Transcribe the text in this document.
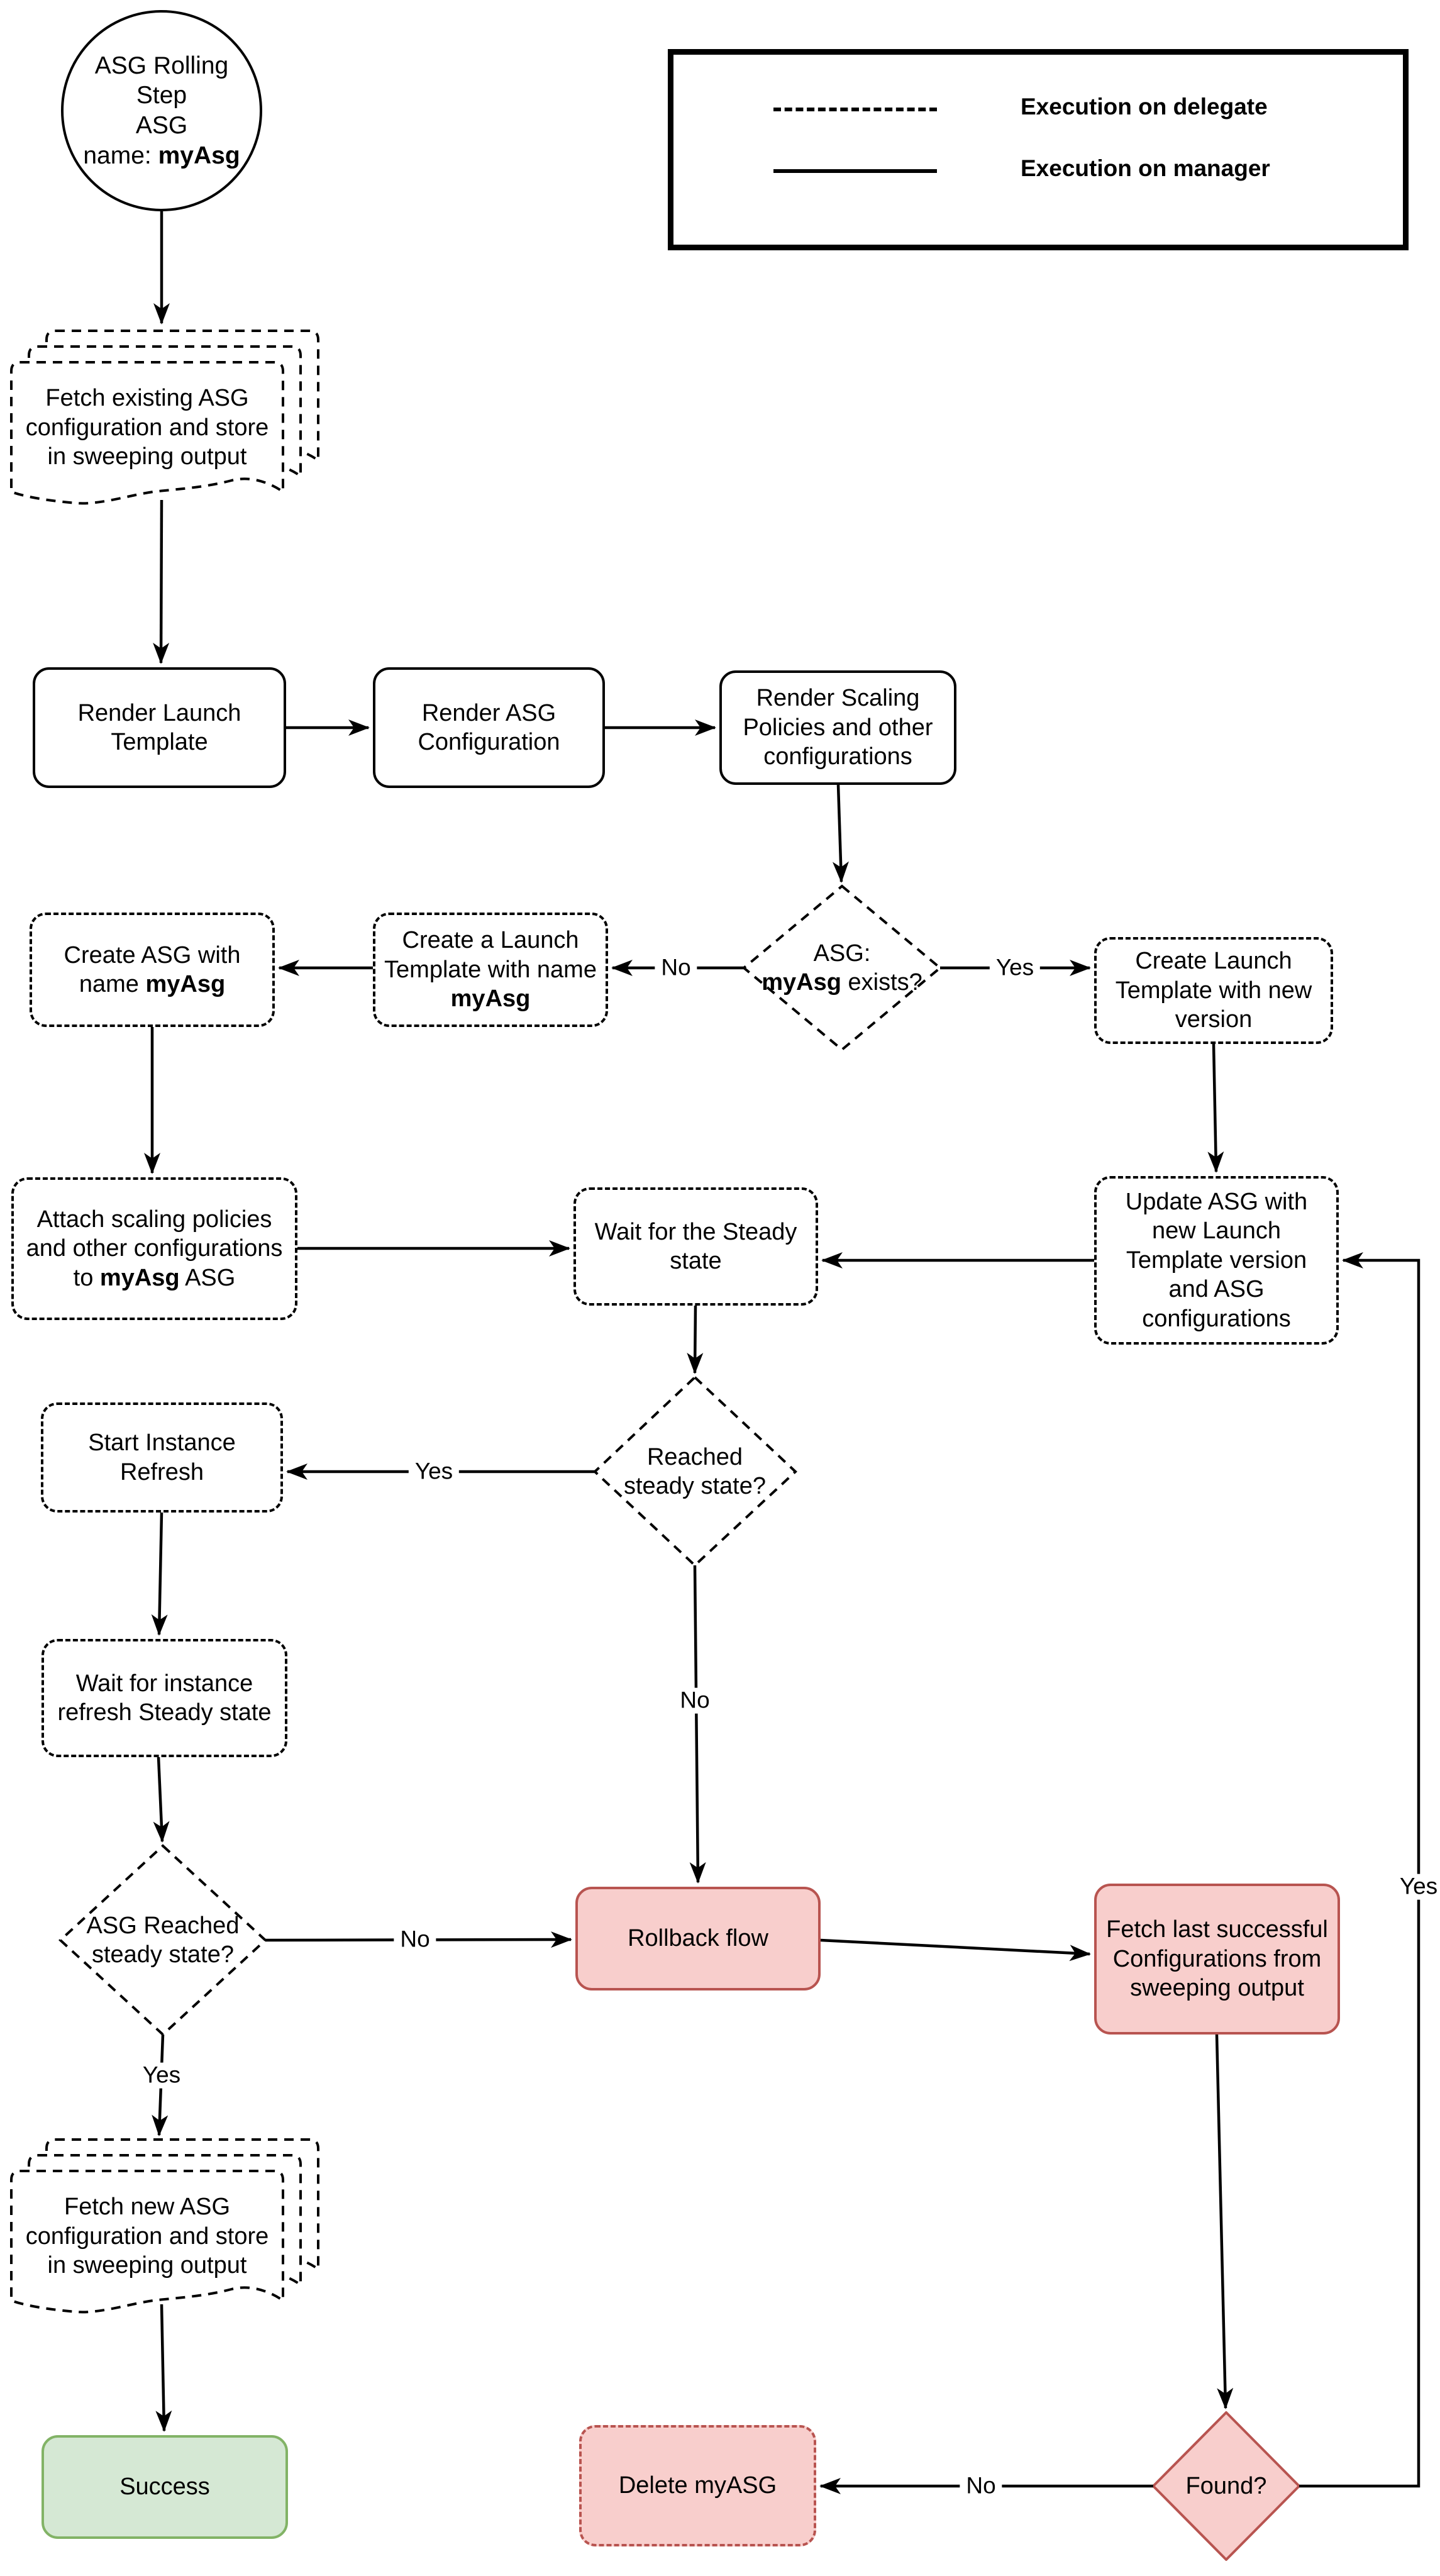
Execution on delegate
Execution on manager
ASG Rolling Step
ASG
name: myAsg
Fetch existing ASG configuration and store in sweeping output
Fetch new ASG configuration and store in sweeping output
Render Launch Template
Render ASG Configuration
Render Scaling Policies and other configurations
Create a Launch Template with name myAsg
Create ASG with name myAsg
Create Launch Template with new version
Attach scaling policies and other configurations to myAsg ASG
Wait for the Steady state
Update ASG with new Launch Template version and ASG configurations
Start Instance Refresh
Wait for instance refresh Steady state
Rollback flow	Fetch last successful Configurations from sweeping output
Success	Delete myASG
ASG:
myAsg exists?
Reached steady state?
ASG Reached steady state?
Found?
No	Yes
Yes
No
No
Yes
No
Yes
